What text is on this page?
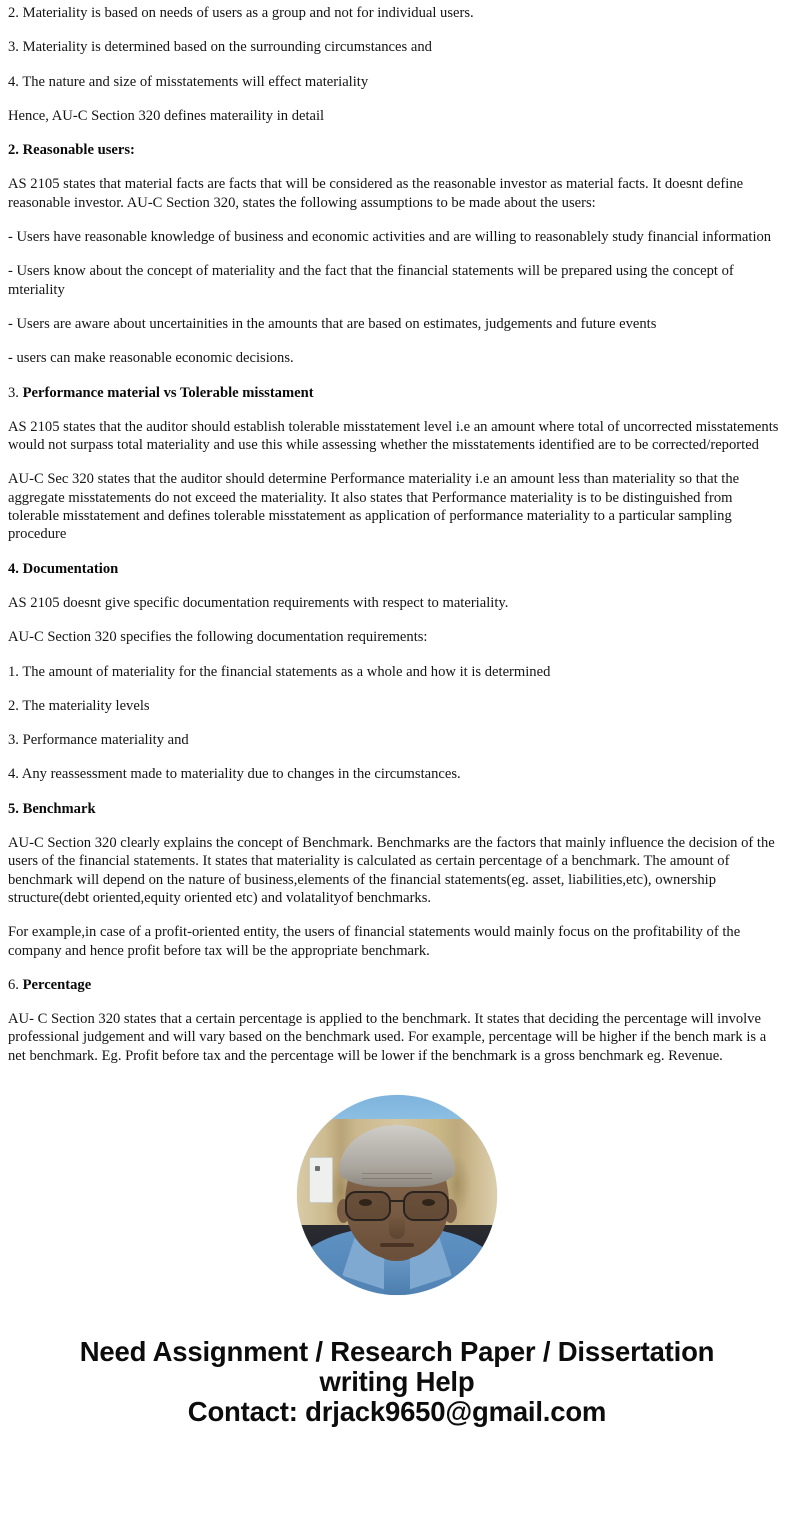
2. Materiality is based on needs of users as a group and not for individual users.

3. Materiality is determined based on the surrounding circumstances and

4. The nature and size of misstatements will effect materiality

Hence, AU-C Section 320 defines materaility in detail

2. Reasonable users:

AS 2105 states that material facts are facts that will be considered as the reasonable investor as material facts. It doesnt define reasonable investor. AU-C Section 320, states the following assumptions to be made about the users:

- Users have reasonable knowledge of business and economic activities and are willing to reasonablely study financial information

- Users know about the concept of materiality and the fact that the financial statements will be prepared using the concept of mteriality

- Users are aware about uncertainities in the amounts that are based on estimates, judgements and future events

- users can make reasonable economic decisions.

3. Performance material vs Tolerable misstament

AS 2105 states that the auditor should establish tolerable misstatement level i.e an amount where total of uncorrected misstatements would not surpass total materiality and use this while assessing whether the misstatements identified are to be corrected/reported

AU-C Sec 320 states that the auditor should determine Performance materiality i.e an amount less than materiality so that the aggregate misstatements do not exceed the materiality. It also states that Performance materiality is to be distinguished from tolerable misstatement and defines tolerable misstatement as application of performance materiality to a particular sampling procedure

4. Documentation

AS 2105 doesnt give specific documentation requirements with respect to materiality.

AU-C Section 320 specifies the following documentation requirements:

1. The amount of materiality for the financial statements as a whole and how it is determined

2. The materiality levels

3. Performance materiality and

4. Any reassessment made to materiality due to changes in the circumstances.

5. Benchmark

AU-C Section 320 clearly explains the concept of Benchmark. Benchmarks are the factors that mainly influence the decision of the users of the financial statements. It states that materiality is calculated as certain percentage of a benchmark. The amount of benchmark will depend on the nature of business,elements of the financial statements(eg. asset, liabilities,etc), ownership structure(debt oriented,equity oriented etc) and volatalityof benchmarks.

For example,in case of a profit-oriented entity, the users of financial statements would mainly focus on the profitability of the company and hence profit before tax will be the appropriate benchmark.

6. Percentage

AU- C Section 320 states that a certain percentage is applied to the benchmark. It states that deciding the percentage will involve professional judgement and will vary based on the benchmark used. For example, percentage will be higher if the bench mark is a net benchmark. Eg. Profit before tax and the percentage will be lower if the benchmark is a gross benchmark eg. Revenue.

Need Assignment / Research Paper / Dissertation
writing Help
Contact: drjack9650@gmail.com
